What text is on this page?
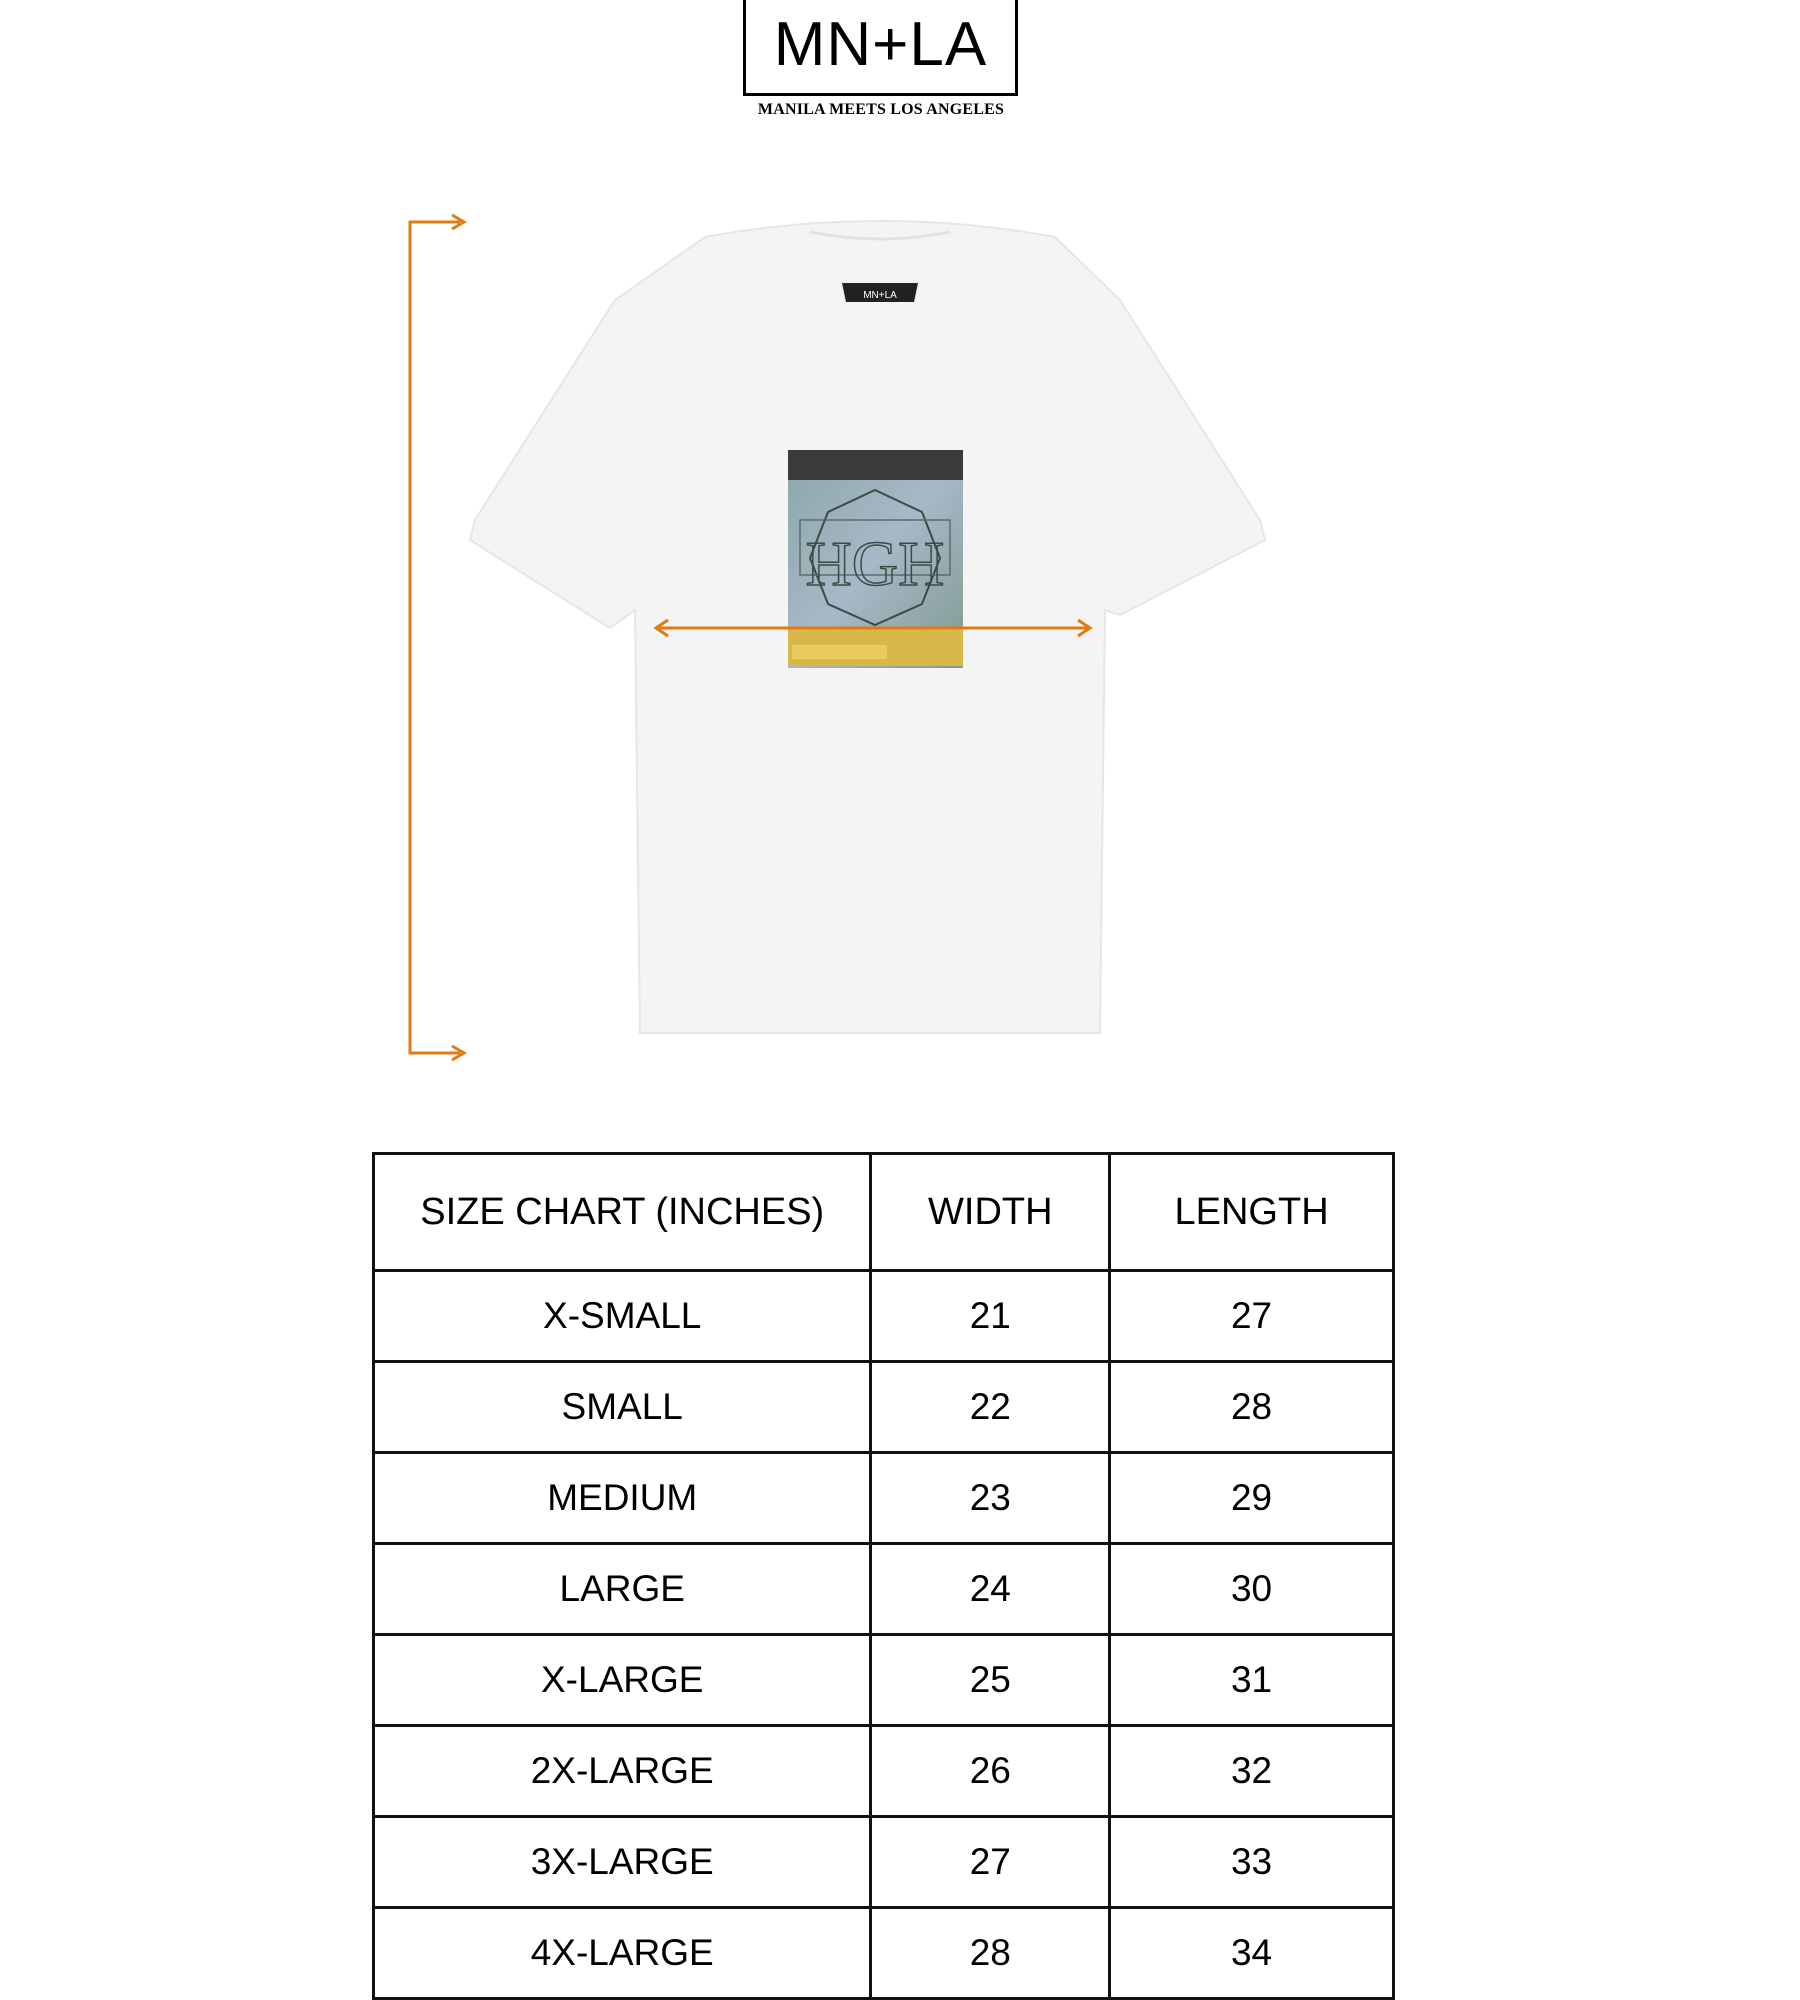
MN+LA
MANILA MEETS LOS ANGELES
MN+LA
HGH
SIZE CHART (INCHES)	WIDTH	LENGTH
X-SMALL	21	27
SMALL	22	28
MEDIUM	23	29
LARGE	24	30
X-LARGE	25	31
2X-LARGE	26	32
3X-LARGE	27	33
4X-LARGE	28	34
